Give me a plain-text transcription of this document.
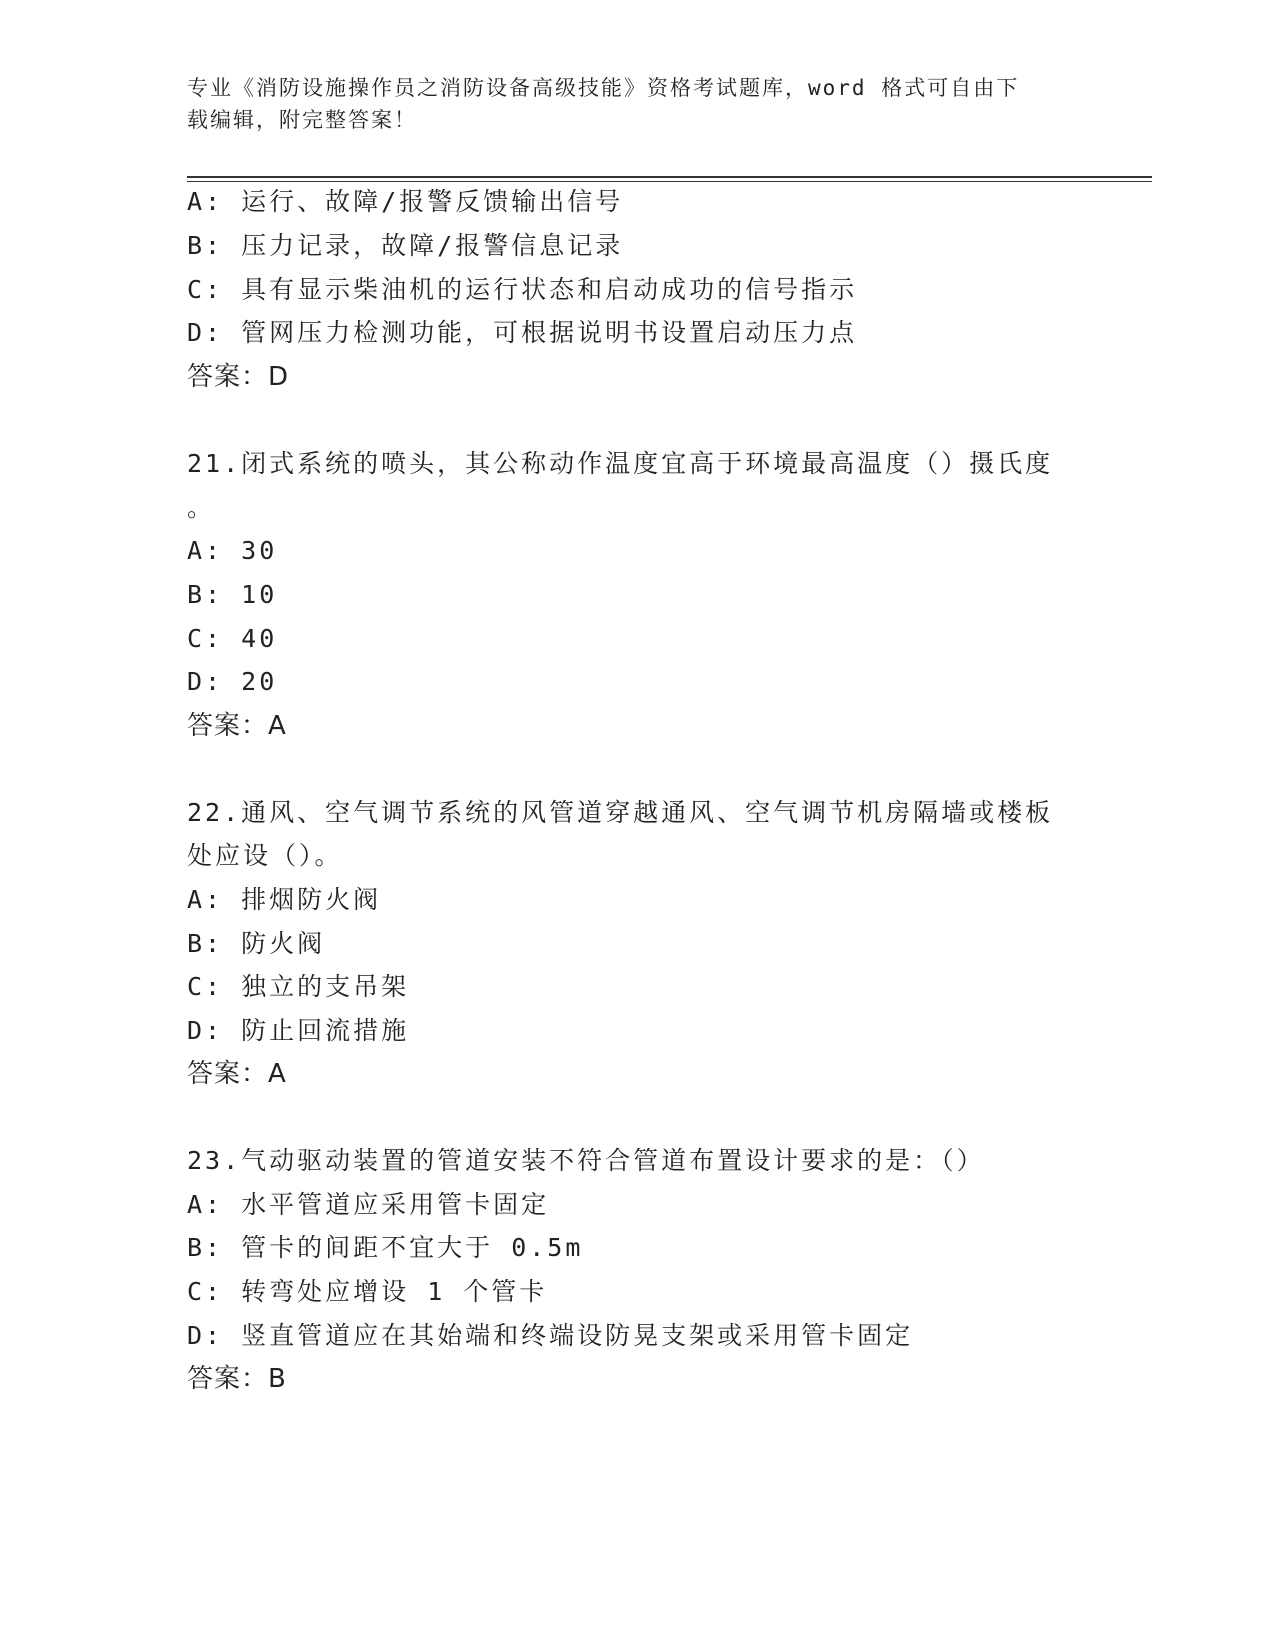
专业《消防设施操作员之消防设备高级技能》资格考试题库，word 格式可自由下
载编辑，附完整答案！
A: 运行、故障/报警反馈输出信号
B: 压力记录，故障/报警信息记录
C: 具有显示柴油机的运行状态和启动成功的信号指示
D: 管网压力检测功能，可根据说明书设置启动压力点
答案：D
21.闭式系统的喷头，其公称动作温度宜高于环境最高温度（）摄氏度
。
A: 30
B: 10
C: 40
D: 20
答案：A
22.通风、空气调节系统的风管道穿越通风、空气调节机房隔墙或楼板
处应设（）。
A: 排烟防火阀
B: 防火阀
C: 独立的支吊架
D: 防止回流措施
答案：A
23.气动驱动装置的管道安装不符合管道布置设计要求的是：（）
A: 水平管道应采用管卡固定
B: 管卡的间距不宜大于 0.5m
C: 转弯处应增设 1 个管卡
D: 竖直管道应在其始端和终端设防晃支架或采用管卡固定
答案：B
